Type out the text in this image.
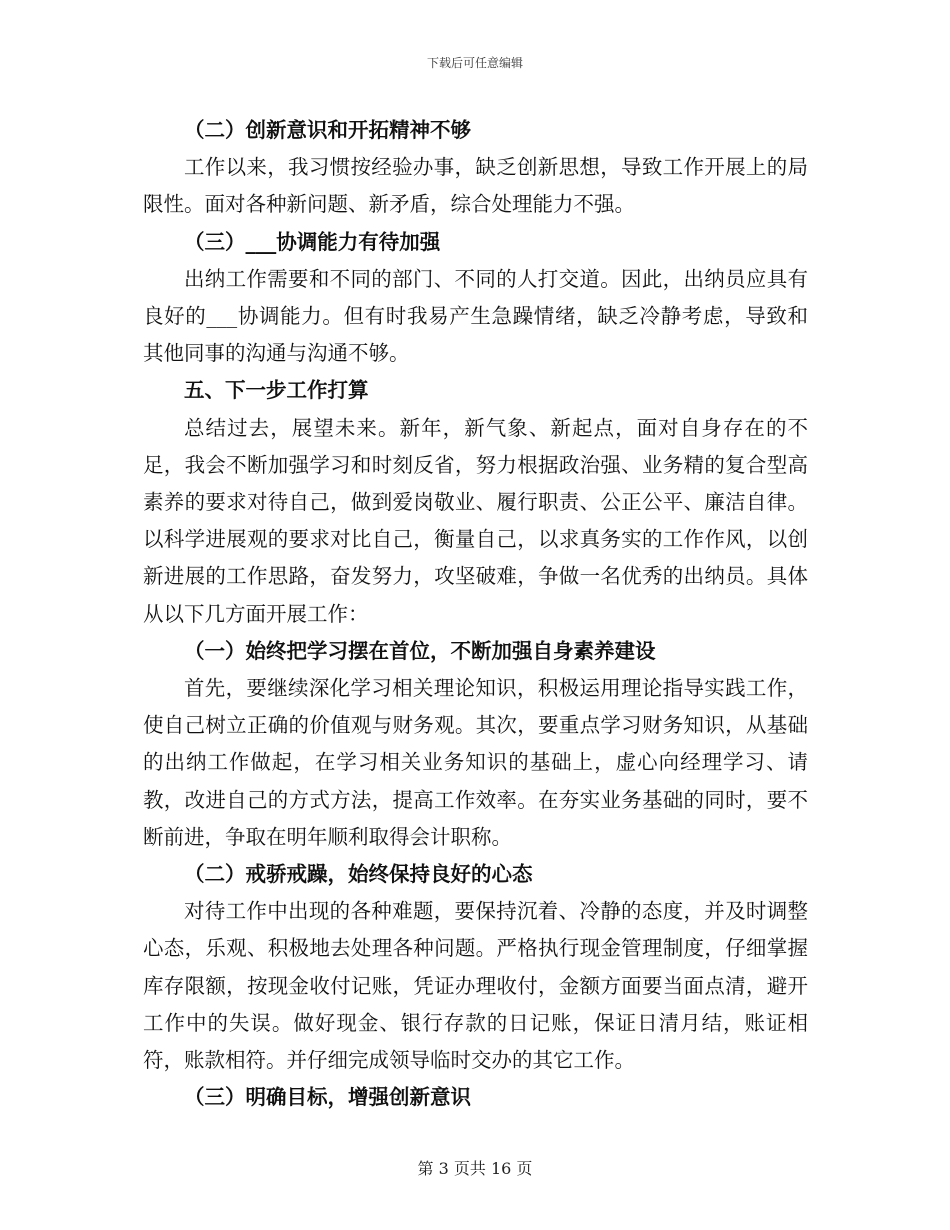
下载后可任意编辑

（二）创新意识和开拓精神不够

工作以来，我习惯按经验办事，缺乏创新思想，导致工作开展上的局限性。面对各种新问题、新矛盾，综合处理能力不强。

（三）___协调能力有待加强

出纳工作需要和不同的部门、不同的人打交道。因此，出纳员应具有良好的___协调能力。但有时我易产生急躁情绪，缺乏冷静考虑，导致和其他同事的沟通与沟通不够。

五、下一步工作打算

总结过去，展望未来。新年，新气象、新起点，面对自身存在的不足，我会不断加强学习和时刻反省，努力根据政治强、业务精的复合型高素养的要求对待自己，做到爱岗敬业、履行职责、公正公平、廉洁自律。以科学进展观的要求对比自己，衡量自己，以求真务实的工作作风，以创新进展的工作思路，奋发努力，攻坚破难，争做一名优秀的出纳员。具体从以下几方面开展工作：

（一）始终把学习摆在首位，不断加强自身素养建设

首先，要继续深化学习相关理论知识，积极运用理论指导实践工作，使自己树立正确的价值观与财务观。其次，要重点学习财务知识，从基础的出纳工作做起，在学习相关业务知识的基础上，虚心向经理学习、请教，改进自己的方式方法，提高工作效率。在夯实业务基础的同时，要不断前进，争取在明年顺利取得会计职称。

（二）戒骄戒躁，始终保持良好的心态

对待工作中出现的各种难题，要保持沉着、冷静的态度，并及时调整心态，乐观、积极地去处理各种问题。严格执行现金管理制度，仔细掌握库存限额，按现金收付记账，凭证办理收付，金额方面要当面点清，避开工作中的失误。做好现金、银行存款的日记账，保证日清月结，账证相符，账款相符。并仔细完成领导临时交办的其它工作。

（三）明确目标，增强创新意识

第 3 页共 16 页
